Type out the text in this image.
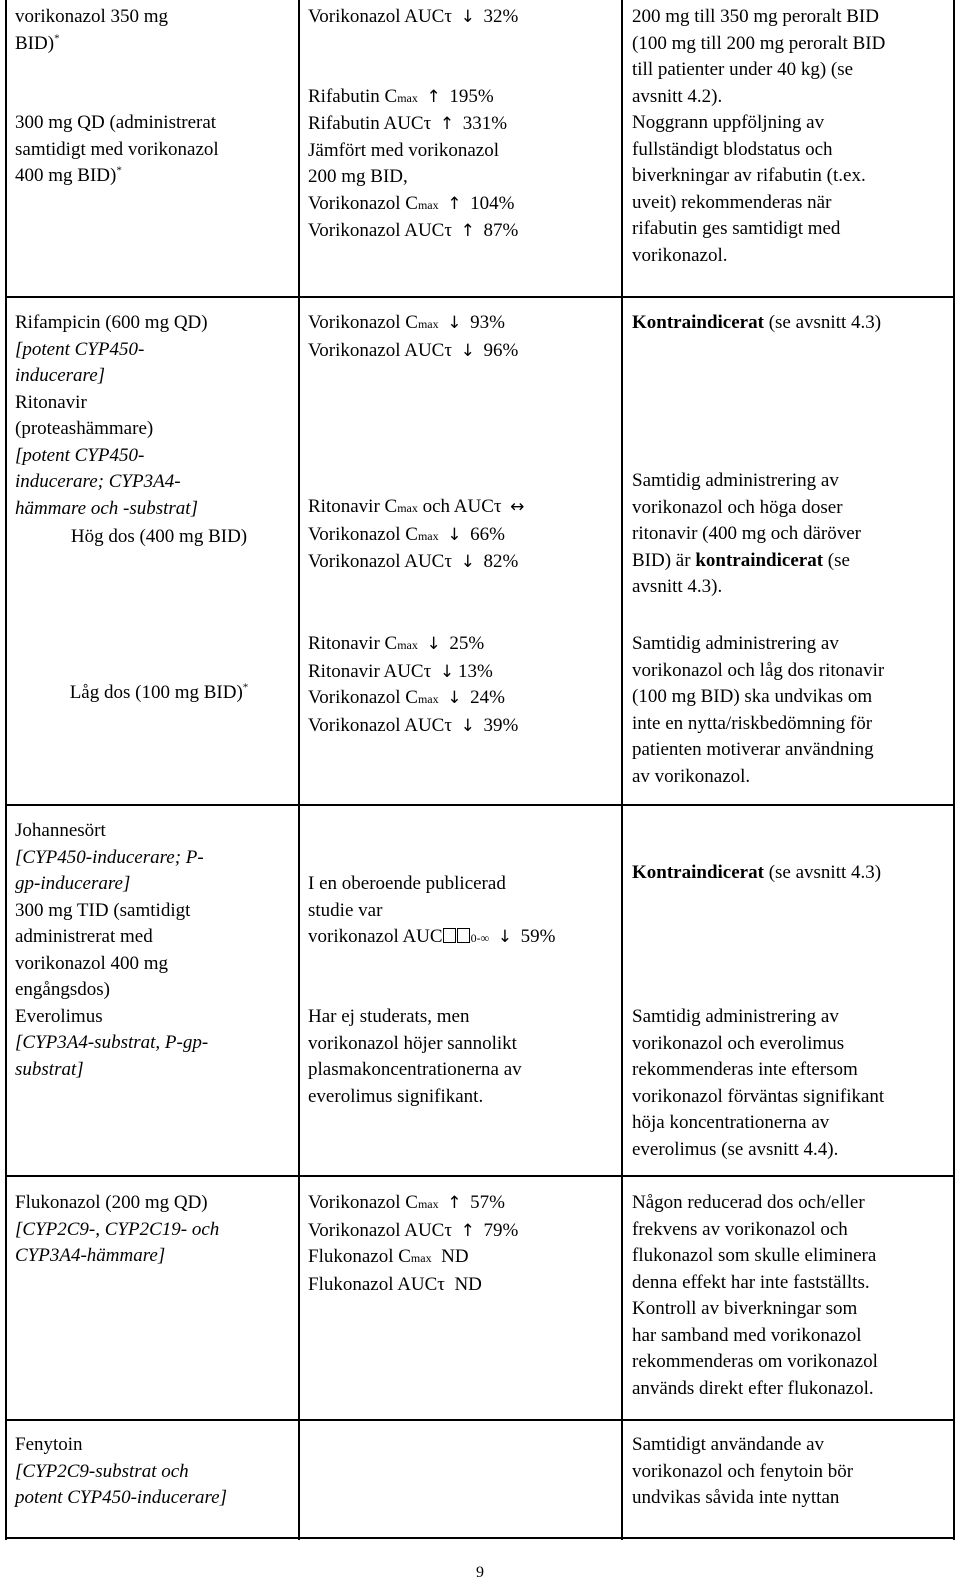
vorikonazol 350 mg
BID)*
300 mg QD (administrerat
samtidigt med vorikonazol
400 mg BID)*
Vorikonazol AUCτ ↓ 32%
Rifabutin Cmax ↑ 195%
Rifabutin AUCτ ↑ 331%
Jämfört med vorikonazol
200 mg BID,
Vorikonazol Cmax ↑ 104%
Vorikonazol AUCτ ↑ 87%
200 mg till 350 mg peroralt BID
(100 mg till 200 mg peroralt BID
till patienter under 40 kg) (se
avsnitt 4.2).
Noggrann uppföljning av
fullständigt blodstatus och
biverkningar av rifabutin (t.ex.
uveit) rekommenderas när
rifabutin ges samtidigt med
vorikonazol.
Rifampicin (600 mg QD)
[potent CYP450-
inducerare]
Ritonavir
(proteashämmare)
[potent CYP450-
inducerare; CYP3A4-
hämmare och -substrat]
Hög dos (400 mg BID)
Låg dos (100 mg BID)*
Vorikonazol Cmax ↓ 93%
Vorikonazol AUCτ ↓ 96%
Ritonavir Cmax och AUCτ ↔
Vorikonazol Cmax ↓ 66%
Vorikonazol AUCτ ↓ 82%
Ritonavir Cmax ↓ 25%
Ritonavir AUCτ ↓ 13%
Vorikonazol Cmax ↓ 24%
Vorikonazol AUCτ ↓ 39%
Kontraindicerat (se avsnitt 4.3)
Samtidig administrering av
vorikonazol och höga doser
ritonavir (400 mg och däröver
BID) är kontraindicerat (se
avsnitt 4.3).
Samtidig administrering av
vorikonazol och låg dos ritonavir
(100 mg BID) ska undvikas om
inte en nytta/riskbedömning för
patienten motiverar användning
av vorikonazol.
Johannesört
[CYP450-inducerare; P-
gp-inducerare]
300 mg TID (samtidigt
administrerat med
vorikonazol 400 mg
engångsdos)
Everolimus
[CYP3A4-substrat, P-gp-
substrat]
I en oberoende publicerad
studie var
vorikonazol AUC 0-∞ ↓ 59%
Har ej studerats, men
vorikonazol höjer sannolikt
plasmakoncentrationerna av
everolimus signifikant.
Kontraindicerat (se avsnitt 4.3)
Samtidig administrering av
vorikonazol och everolimus
rekommenderas inte eftersom
vorikonazol förväntas signifikant
höja koncentrationerna av
everolimus (se avsnitt 4.4).
Flukonazol (200 mg QD)
[CYP2C9-, CYP2C19- och
CYP3A4-hämmare]
Vorikonazol Cmax ↑ 57%
Vorikonazol AUCτ ↑ 79%
Flukonazol Cmax ND
Flukonazol AUCτ ND
Någon reducerad dos och/eller
frekvens av vorikonazol och
flukonazol som skulle eliminera
denna effekt har inte fastställts.
Kontroll av biverkningar som
har samband med vorikonazol
rekommenderas om vorikonazol
används direkt efter flukonazol.
Fenytoin
[CYP2C9-substrat och
potent CYP450-inducerare]
Samtidigt användande av
vorikonazol och fenytoin bör
undvikas såvida inte nyttan
9
